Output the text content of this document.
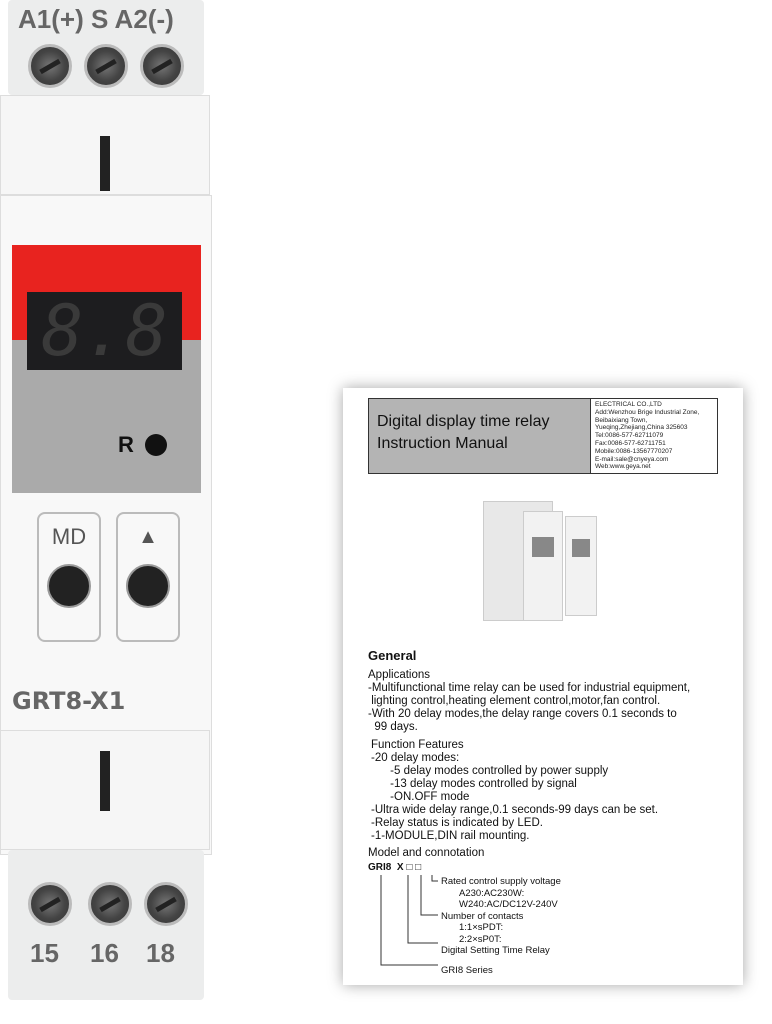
A1(+) S A2(-)
8.8
R
MD	▲
GRT8-X1
15 16 18
Digital display time relay
Instruction Manual
ELECTRICAL CO.,LTD
Add:Wenzhou Brige Industrial Zone,
Beibaixiang Town,
Yueqing,Zhejiang,China 325603
Tel:0086-577-62711079
Fax:0086-577-62711751
Mobile:0086-13567770207
E-mail:sale@cnyeya.com
Web:www.geya.net
General
Applications
-Multifunctional time relay can be used for industrial equipment,
lighting control,heating element control,motor,fan control.
-With 20 delay modes,the delay range covers 0.1 seconds to
99 days.
Function Features
-20 delay modes:
-5 delay modes controlled by power supply
-13 delay modes controlled by signal
-ON.OFF mode
-Ultra wide delay range,0.1 seconds-99 days can be set.
-Relay status is indicated by LED.
-1-MODULE,DIN rail mounting.
Model and connotation
GRI8  X □ □
Rated control supply voltage
A230:AC230W:
W240:AC/DC12V-240V
Number of contacts
1:1×sPDT:
2:2×sP0T:
Digital Setting Time Relay
GRI8 Series
